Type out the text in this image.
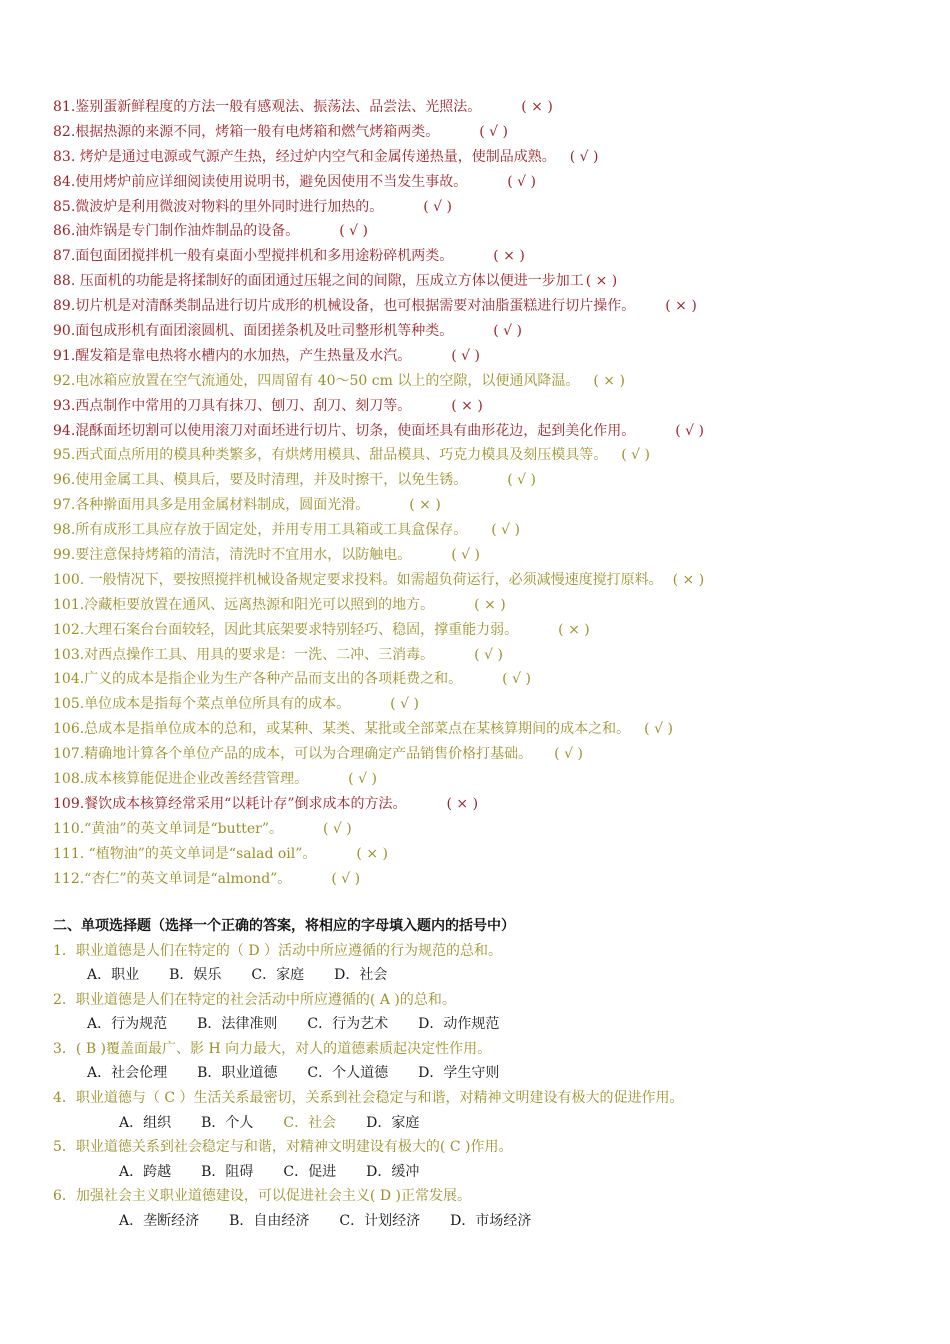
81.鉴别蛋新鲜程度的方法一般有感观法、振荡法、品尝法、光照法。	( × )
82.根据热源的来源不同，烤箱一般有电烤箱和燃气烤箱两类。	( √ )
83. 烤炉是通过电源或气源产生热，经过炉内空气和金属传递热量，使制品成熟。 ( √ )
84.使用烤炉前应详细阅读使用说明书，避免因使用不当发生事故。	( √ )
85.微波炉是利用微波对物料的里外同时进行加热的。	( √ )
86.油炸锅是专门制作油炸制品的设备。	( √ )
87.面包面团搅拌机一般有桌面小型搅拌机和多用途粉碎机两类。	( × )
88. 压面机的功能是将揉制好的面团通过压辊之间的间隙，压成立方体以便进一步加工 ( × )
89.切片机是对清酥类制品进行切片成形的机械设备，也可根据需要对油脂蛋糕进行切片操作。 ( × )
90.面包成形机有面团滚圆机、面团搓条机及吐司整形机等种类。	( √ )
91.醒发箱是靠电热将水槽内的水加热，产生热量及水汽。	( √ )
92.电冰箱应放置在空气流通处，四周留有 40～50 cm 以上的空隙，以便通风降温。 ( × )
93.西点制作中常用的刀具有抹刀、刨刀、刮刀、刻刀等。	( × )
94.混酥面坯切割可以使用滚刀对面坯进行切片、切条，使面坯具有曲形花边，起到美化作用。	( √ )
95.西式面点所用的模具种类繁多，有烘烤用模具、甜品模具、巧克力模具及刻压模具等。 ( √ )
96.使用金属工具、模具后，要及时清理，并及时擦干，以免生锈。	( √ )
97.各种擀面用具多是用金属材料制成，圆面光滑。	( × )
98.所有成形工具应存放于固定处，并用专用工具箱或工具盒保存。 ( √ )
99.要注意保持烤箱的清洁，清洗时不宜用水，以防触电。	( √ )
100. 一般情况下，要按照搅拌机械设备规定要求投料。如需超负荷运行，必须减慢速度搅打原料。 ( × )
101.冷藏柜要放置在通风、远离热源和阳光可以照到的地方。	( × )
102.大理石案台台面较轻，因此其底架要求特别轻巧、稳固，撑重能力弱。	( × )
103.对西点操作工具、用具的要求是：一洗、二冲、三消毒。	( √ )
104.广义的成本是指企业为生产各种产品而支出的各项耗费之和。	( √ )
105.单位成本是指每个菜点单位所具有的成本。	( √ )
106.总成本是指单位成本的总和，或某种、某类、某批或全部菜点在某核算期间的成本之和。 ( √ )
107.精确地计算各个单位产品的成本，可以为合理确定产品销售价格打基础。 ( √ )
108.成本核算能促进企业改善经营管理。	( √ )
109.餐饮成本核算经常采用“以耗计存”倒求成本的方法。	( × )
110.“黄油”的英文单词是“butter”。	( √ )
111. “植物油”的英文单词是“salad oil”。	( × )
112.“杏仁”的英文单词是“almond”。	( √ )
二、单项选择题（选择一个正确的答案，将相应的字母填入题内的括号中）
1．职业道德是人们在特定的（ D ）活动中所应遵循的行为规范的总和。
A．职业 B．娱乐 C．家庭 D．社会
2．职业道德是人们在特定的社会活动中所应遵循的( A )的总和。
A．行为规范 B．法律准则 C．行为艺术 D．动作规范
3．( B )覆盖面最广、影 H 向力最大，对人的道德素质起决定性作用。
A．社会伦理 B．职业道德 C．个人道德 D．学生守则
4．职业道德与（ C ）生活关系最密切，关系到社会稳定与和谐，对精神文明建设有极大的促进作用。
A．组织 B．个人 C．社会 D．家庭
5．职业道德关系到社会稳定与和谐，对精神文明建设有极大的( C )作用。
A．跨越 B．阻碍 C．促进 D．缓冲
6．加强社会主义职业道德建设，可以促进社会主义( D )正常发展。
A．垄断经济 B．自由经济 C．计划经济 D．市场经济
